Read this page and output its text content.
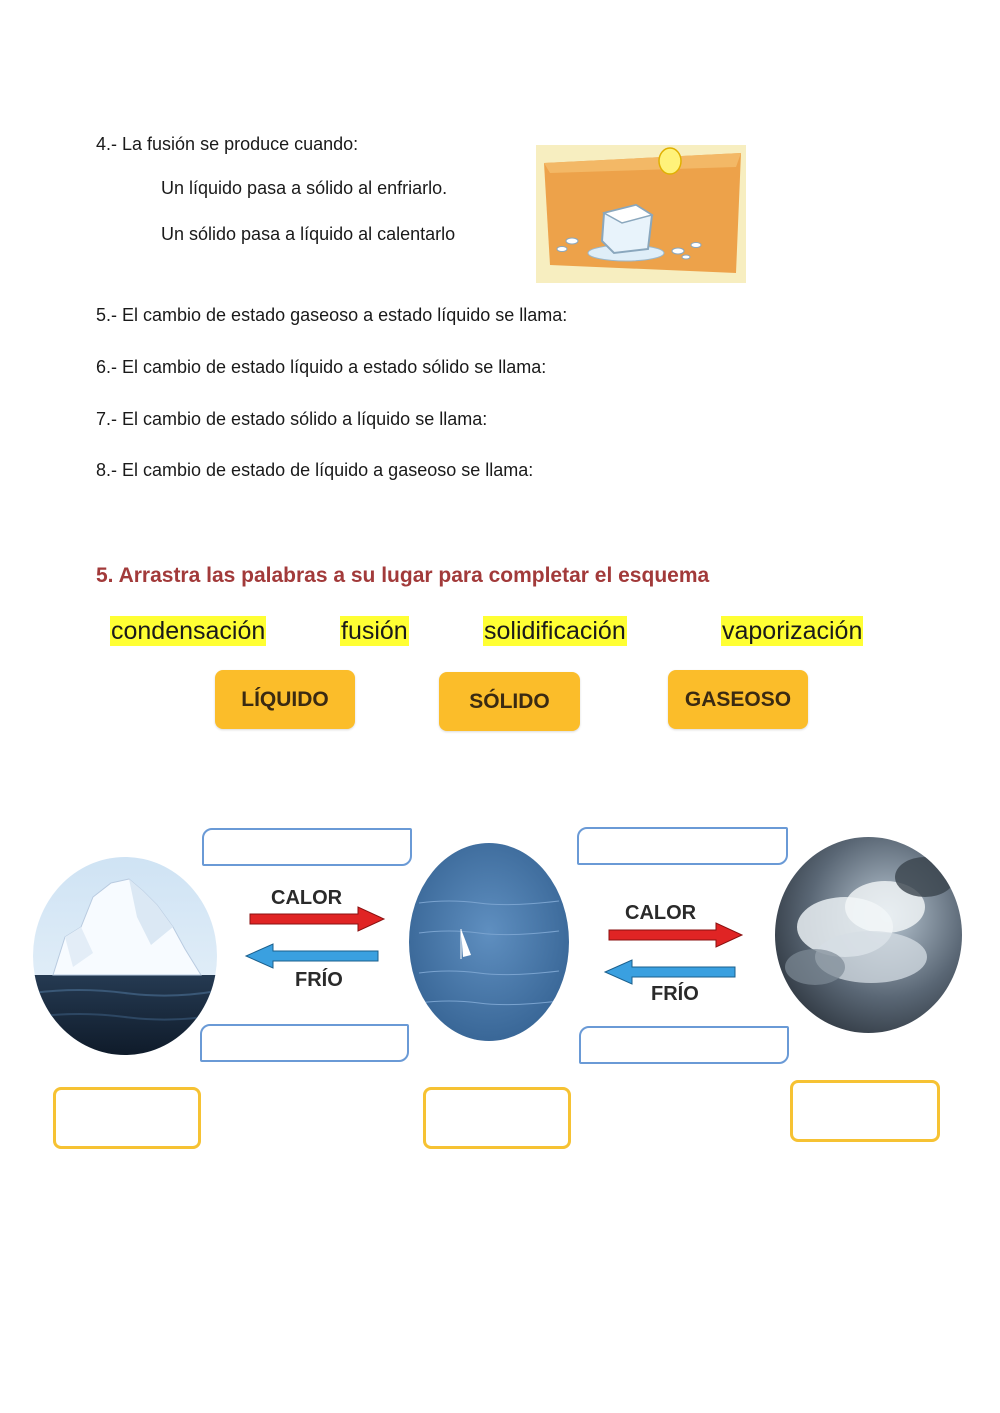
4.- La fusión se produce cuando:
Un líquido pasa a sólido al enfriarlo.
Un sólido pasa a líquido al calentarlo
5.- El cambio de estado gaseoso a estado líquido se llama:
6.- El cambio de estado líquido a estado sólido se llama:
7.- El cambio de estado sólido a líquido se llama:
8.- El cambio de estado de líquido a gaseoso se llama:
5. Arrastra las palabras a su lugar para completar el esquema
condensación	fusión	solidificación	vaporización
LÍQUIDO	SÓLIDO	GASEOSO
CALOR
FRÍO
CALOR
FRÍO
